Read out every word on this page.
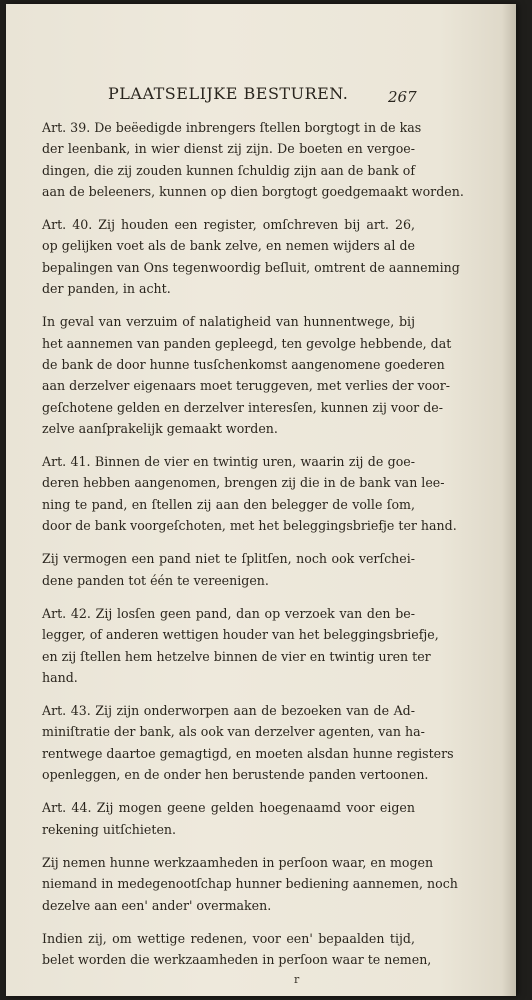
PLAATSELIJKE BESTUREN.	267
Art. 39. De beëedigde inbrengers ſtellen borgtogt in de kas
der leenbank, in wier dienst zij zijn. De boeten en vergoe-
dingen, die zij zouden kunnen ſchuldig zijn aan de bank of
aan de beleeners, kunnen op dien borgtogt goedgemaakt worden.
Art. 40. Zij houden een register, omſchreven bij art. 26,
op gelijken voet als de bank zelve, en nemen wijders al de
bepalingen van Ons tegenwoordig beſluit, omtrent de aanneming
der panden, in acht.
In geval van verzuim of nalatigheid van hunnentwege, bij
het aannemen van panden gepleegd, ten gevolge hebbende, dat
de bank de door hunne tusſchenkomst aangenomene goederen
aan derzelver eigenaars moet teruggeven, met verlies der voor-
geſchotene gelden en derzelver interesſen, kunnen zij voor de-
zelve aanſprakelijk gemaakt worden.
Art. 41. Binnen de vier en twintig uren, waarin zij de goe-
deren hebben aangenomen, brengen zij die in de bank van lee-
ning te pand, en ſtellen zij aan den belegger de volle ſom,
door de bank voorgeſchoten, met het beleggingsbriefje ter hand.
Zij vermogen een pand niet te ſplitſen, noch ook verſchei-
dene panden tot één te vereenigen.
Art. 42. Zij losſen geen pand, dan op verzoek van den be-
legger, of anderen wettigen houder van het beleggingsbriefje,
en zij ſtellen hem hetzelve binnen de vier en twintig uren ter
hand.
Art. 43. Zij zijn onderworpen aan de bezoeken van de Ad-
miniſtratie der bank, als ook van derzelver agenten, van ha-
rentwege daartoe gemagtigd, en moeten alsdan hunne registers
openleggen, en de onder hen berustende panden vertoonen.
Art. 44. Zij mogen geene gelden hoegenaamd voor eigen
rekening uitſchieten.
Zij nemen hunne werkzaamheden in perſoon waar, en mogen
niemand in medegenootſchap hunner bediening aannemen, noch
dezelve aan een' ander' overmaken.
Indien zij, om wettige redenen, voor een' bepaalden tijd,
belet worden die werkzaamheden in perſoon waar te nemen,
r
